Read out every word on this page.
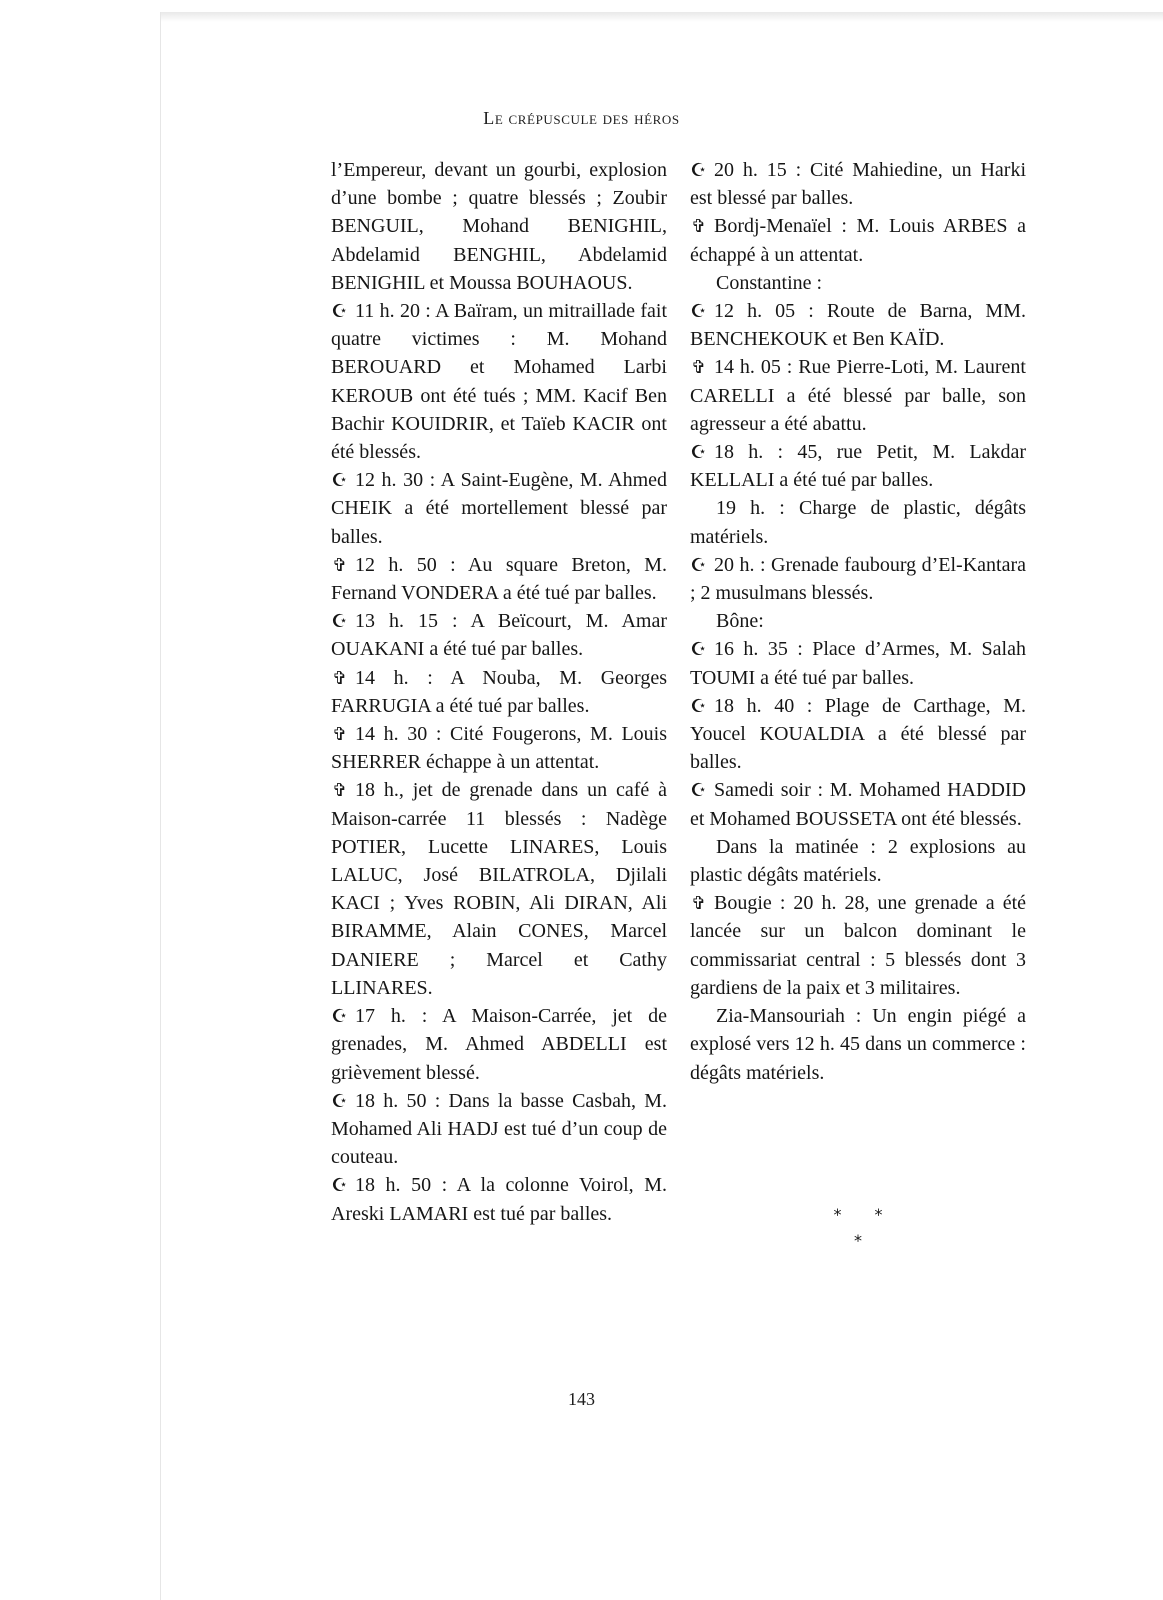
Le crépuscule des héros

l’Empereur, devant un gourbi, explosion d’une bombe ; quatre blessés ; Zoubir BENGUIL, Mohand BENIGHIL, Abdelamid BENGHIL, Abdelamid BENIGHIL et Moussa BOUHAOUS.

☪ 11 h. 20 : A Baïram, un mitraillade fait quatre victimes : M. Mohand BEROUARD et Mohamed Larbi KEROUB ont été tués ; MM. Kacif Ben Bachir KOUIDRIR, et Taïeb KACIR ont été blessés.

☪ 12 h. 30 : A Saint-Eugène, M. Ahmed CHEIK a été mortellement blessé par balles.

✞ 12 h. 50 : Au square Breton, M. Fernand VONDERA a été tué par balles.

☪ 13 h. 15 : A Beïcourt, M. Amar OUAKANI a été tué par balles.

✞ 14 h. : A Nouba, M. Georges FARRUGIA a été tué par balles.

✞ 14 h. 30 : Cité Fougerons, M. Louis SHERRER échappe à un attentat.

✞ 18 h., jet de grenade dans un café à Maison-carrée 11 blessés : Nadège POTIER, Lucette LINARES, Louis LALUC, José BILATROLA, Djilali KACI ; Yves ROBIN, Ali DIRAN, Ali BIRAMME, Alain CONES, Marcel DANIERE ; Marcel et Cathy LLINARES.

☪ 17 h. : A Maison-Carrée, jet de grenades, M. Ahmed ABDELLI est grièvement blessé.

☪ 18 h. 50 : Dans la basse Casbah, M. Mohamed Ali HADJ est tué d’un coup de couteau.

☪ 18 h. 50 : A la colonne Voirol, M. Areski LAMARI est tué par balles.

☪ 20 h. 15 : Cité Mahiedine, un Harki est blessé par balles.

✞ Bordj-Menaïel : M. Louis ARBES a échappé à un attentat.

Constantine :

☪ 12 h. 05 : Route de Barna, MM. BENCHEKOUK et Ben KAÏD.

✞ 14 h. 05 : Rue Pierre-Loti, M. Laurent CARELLI a été blessé par balle, son agresseur a été abattu.

☪ 18 h. : 45, rue Petit, M. Lakdar KELLALI a été tué par balles.

19 h. : Charge de plastic, dégâts matériels.

☪ 20 h. : Grenade faubourg d’El-Kantara ; 2 musulmans blessés.

Bône:

☪ 16 h. 35 : Place d’Armes, M. Salah TOUMI a été tué par balles.

☪ 18 h. 40 : Plage de Carthage, M. Youcel KOUALDIA a été blessé par balles.

☪ Samedi soir : M. Mohamed HADDID et Mohamed BOUSSETA ont été blessés.

Dans la matinée : 2 explosions au plastic dégâts matériels.

✞ Bougie : 20 h. 28, une grenade a été lancée sur un balcon dominant le commissariat central : 5 blessés dont 3 gardiens de la paix et 3 militaires.

Zia-Mansouriah : Un engin piégé a explosé vers 12 h. 45 dans un commerce : dégâts matériels.

* *
*
143
